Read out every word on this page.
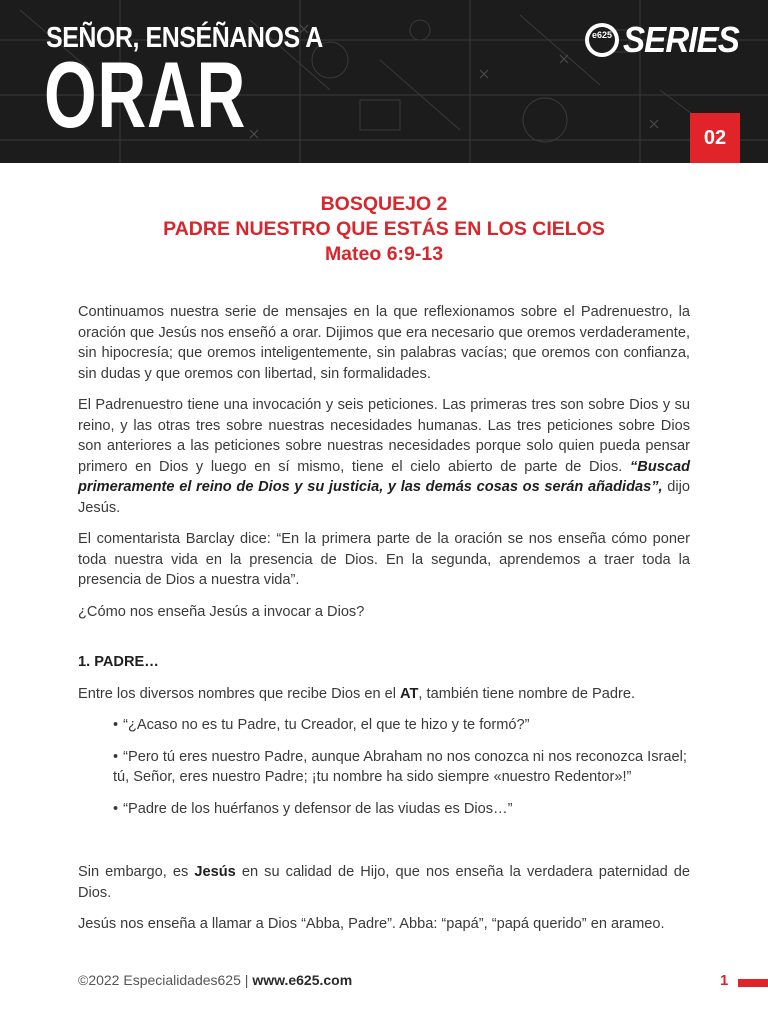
SEÑOR, ENSÉÑANOS A
ORAR
e625 SERIES
02
BOSQUEJO 2
PADRE NUESTRO QUE ESTÁS EN LOS CIELOS
Mateo 6:9-13

Continuamos nuestra serie de mensajes en la que reflexionamos sobre el Padrenuestro, la oración que Jesús nos enseñó a orar. Dijimos que era necesario que oremos verdaderamente, sin hipocresía; que oremos inteligentemente, sin palabras vacías; que oremos con confianza, sin dudas y que oremos con libertad, sin formalidades.

El Padrenuestro tiene una invocación y seis peticiones. Las primeras tres son sobre Dios y su reino, y las otras tres sobre nuestras necesidades humanas. Las tres peticiones sobre Dios son anteriores a las peticiones sobre nuestras necesidades porque solo quien pueda pensar primero en Dios y luego en sí mismo, tiene el cielo abierto de parte de Dios. “Buscad primeramente el reino de Dios y su justicia, y las demás cosas os serán añadidas”, dijo Jesús.

El comentarista Barclay dice: “En la primera parte de la oración se nos enseña cómo poner toda nuestra vida en la presencia de Dios. En la segunda, aprendemos a traer toda la presencia de Dios a nuestra vida”.

¿Cómo nos enseña Jesús a invocar a Dios?

1. PADRE…

Entre los diversos nombres que recibe Dios en el AT, también tiene nombre de Padre.

• “¿Acaso no es tu Padre, tu Creador, el que te hizo y te formó?”
• “Pero tú eres nuestro Padre, aunque Abraham no nos conozca ni nos reconozca Israel; tú, Señor, eres nuestro Padre; ¡tu nombre ha sido siempre «nuestro Redentor»!”
• “Padre de los huérfanos y defensor de las viudas es Dios…”

Sin embargo, es Jesús en su calidad de Hijo, que nos enseña la verdadera paternidad de Dios.

Jesús nos enseña a llamar a Dios “Abba, Padre”. Abba: “papá”, “papá querido” en arameo.

©2022 Especialidades625 | www.e625.com	1
